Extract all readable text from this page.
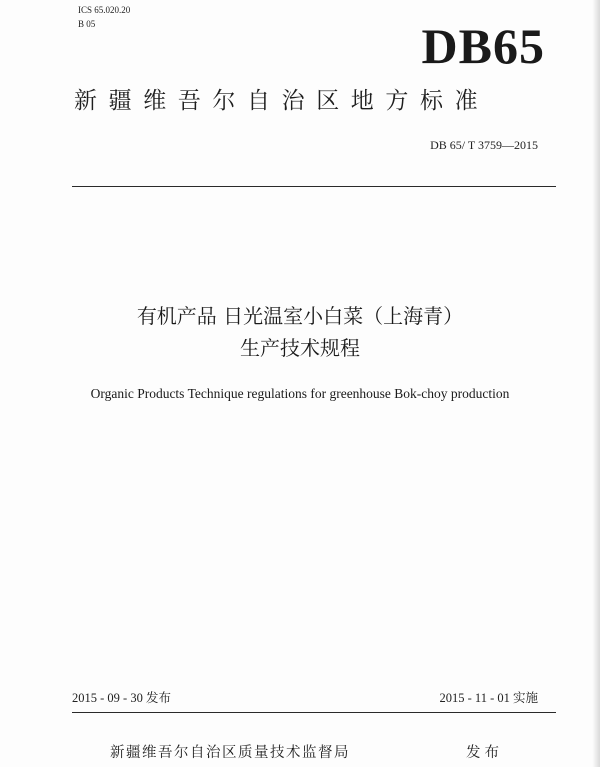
ICS 65.020.20
B 05	DB65
新疆维吾尔自治区地方标准
DB 65/ T 3759—2015
有机产品 日光温室小白菜（上海青）
生产技术规程
Organic Products Technique regulations for greenhouse Bok-choy production
2015 - 09 - 30 发布	2015 - 11 - 01 实施
新疆维吾尔自治区质量技术监督局	发布
